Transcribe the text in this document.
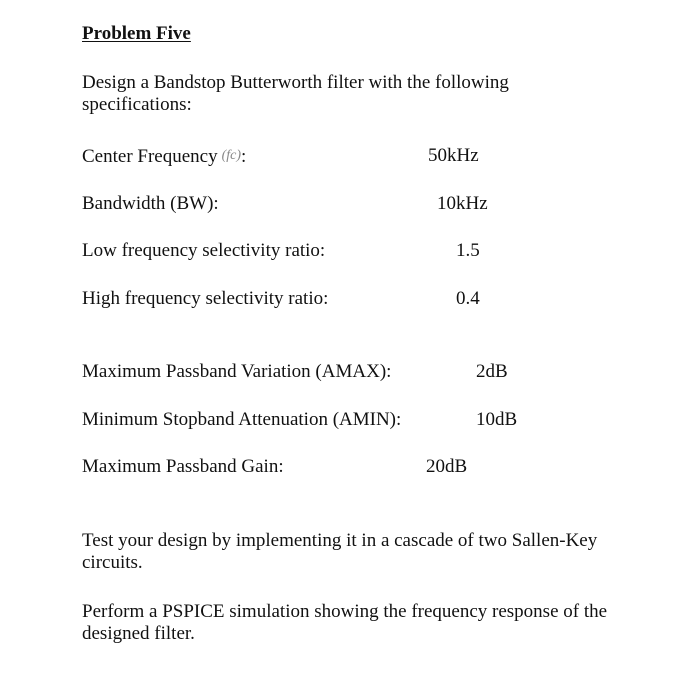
Problem Five
Design a Bandstop Butterworth filter with the following specifications:
Center Frequency (fc):	50kHz
Bandwidth (BW):	10kHz
Low frequency selectivity ratio:	1.5
High frequency selectivity ratio:	0.4
Maximum Passband Variation (AMAX):	2dB
Minimum Stopband Attenuation (AMIN):	10dB
Maximum Passband Gain:	20dB
Test your design by implementing it in a cascade of two Sallen-Key circuits.
Perform a PSPICE simulation showing the frequency response of the designed filter.
